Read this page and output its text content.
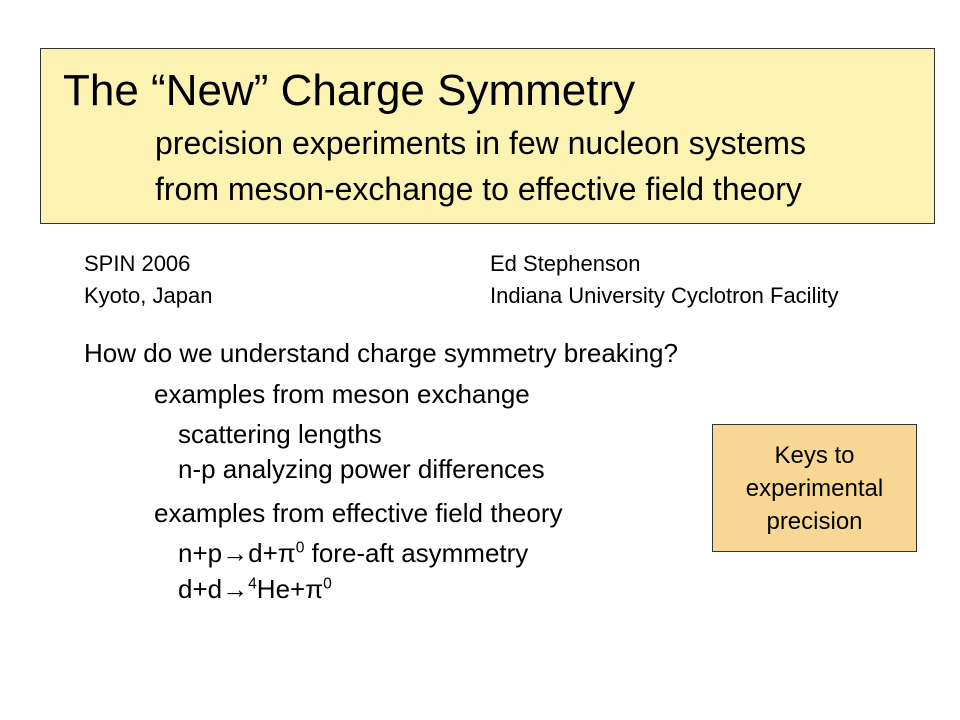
The “New” Charge Symmetry
precision experiments in few nucleon systems
from meson-exchange to effective field theory
SPIN 2006
Kyoto, Japan
Ed Stephenson
Indiana University Cyclotron Facility
How do we understand charge symmetry breaking?
examples from meson exchange
scattering lengths
n-p analyzing power differences
examples from effective field theory
$n+p\to d+\pi^0$ fore-aft asymmetry
$d+d\to^4He+\pi^0$
Keys to
experimental
precision
